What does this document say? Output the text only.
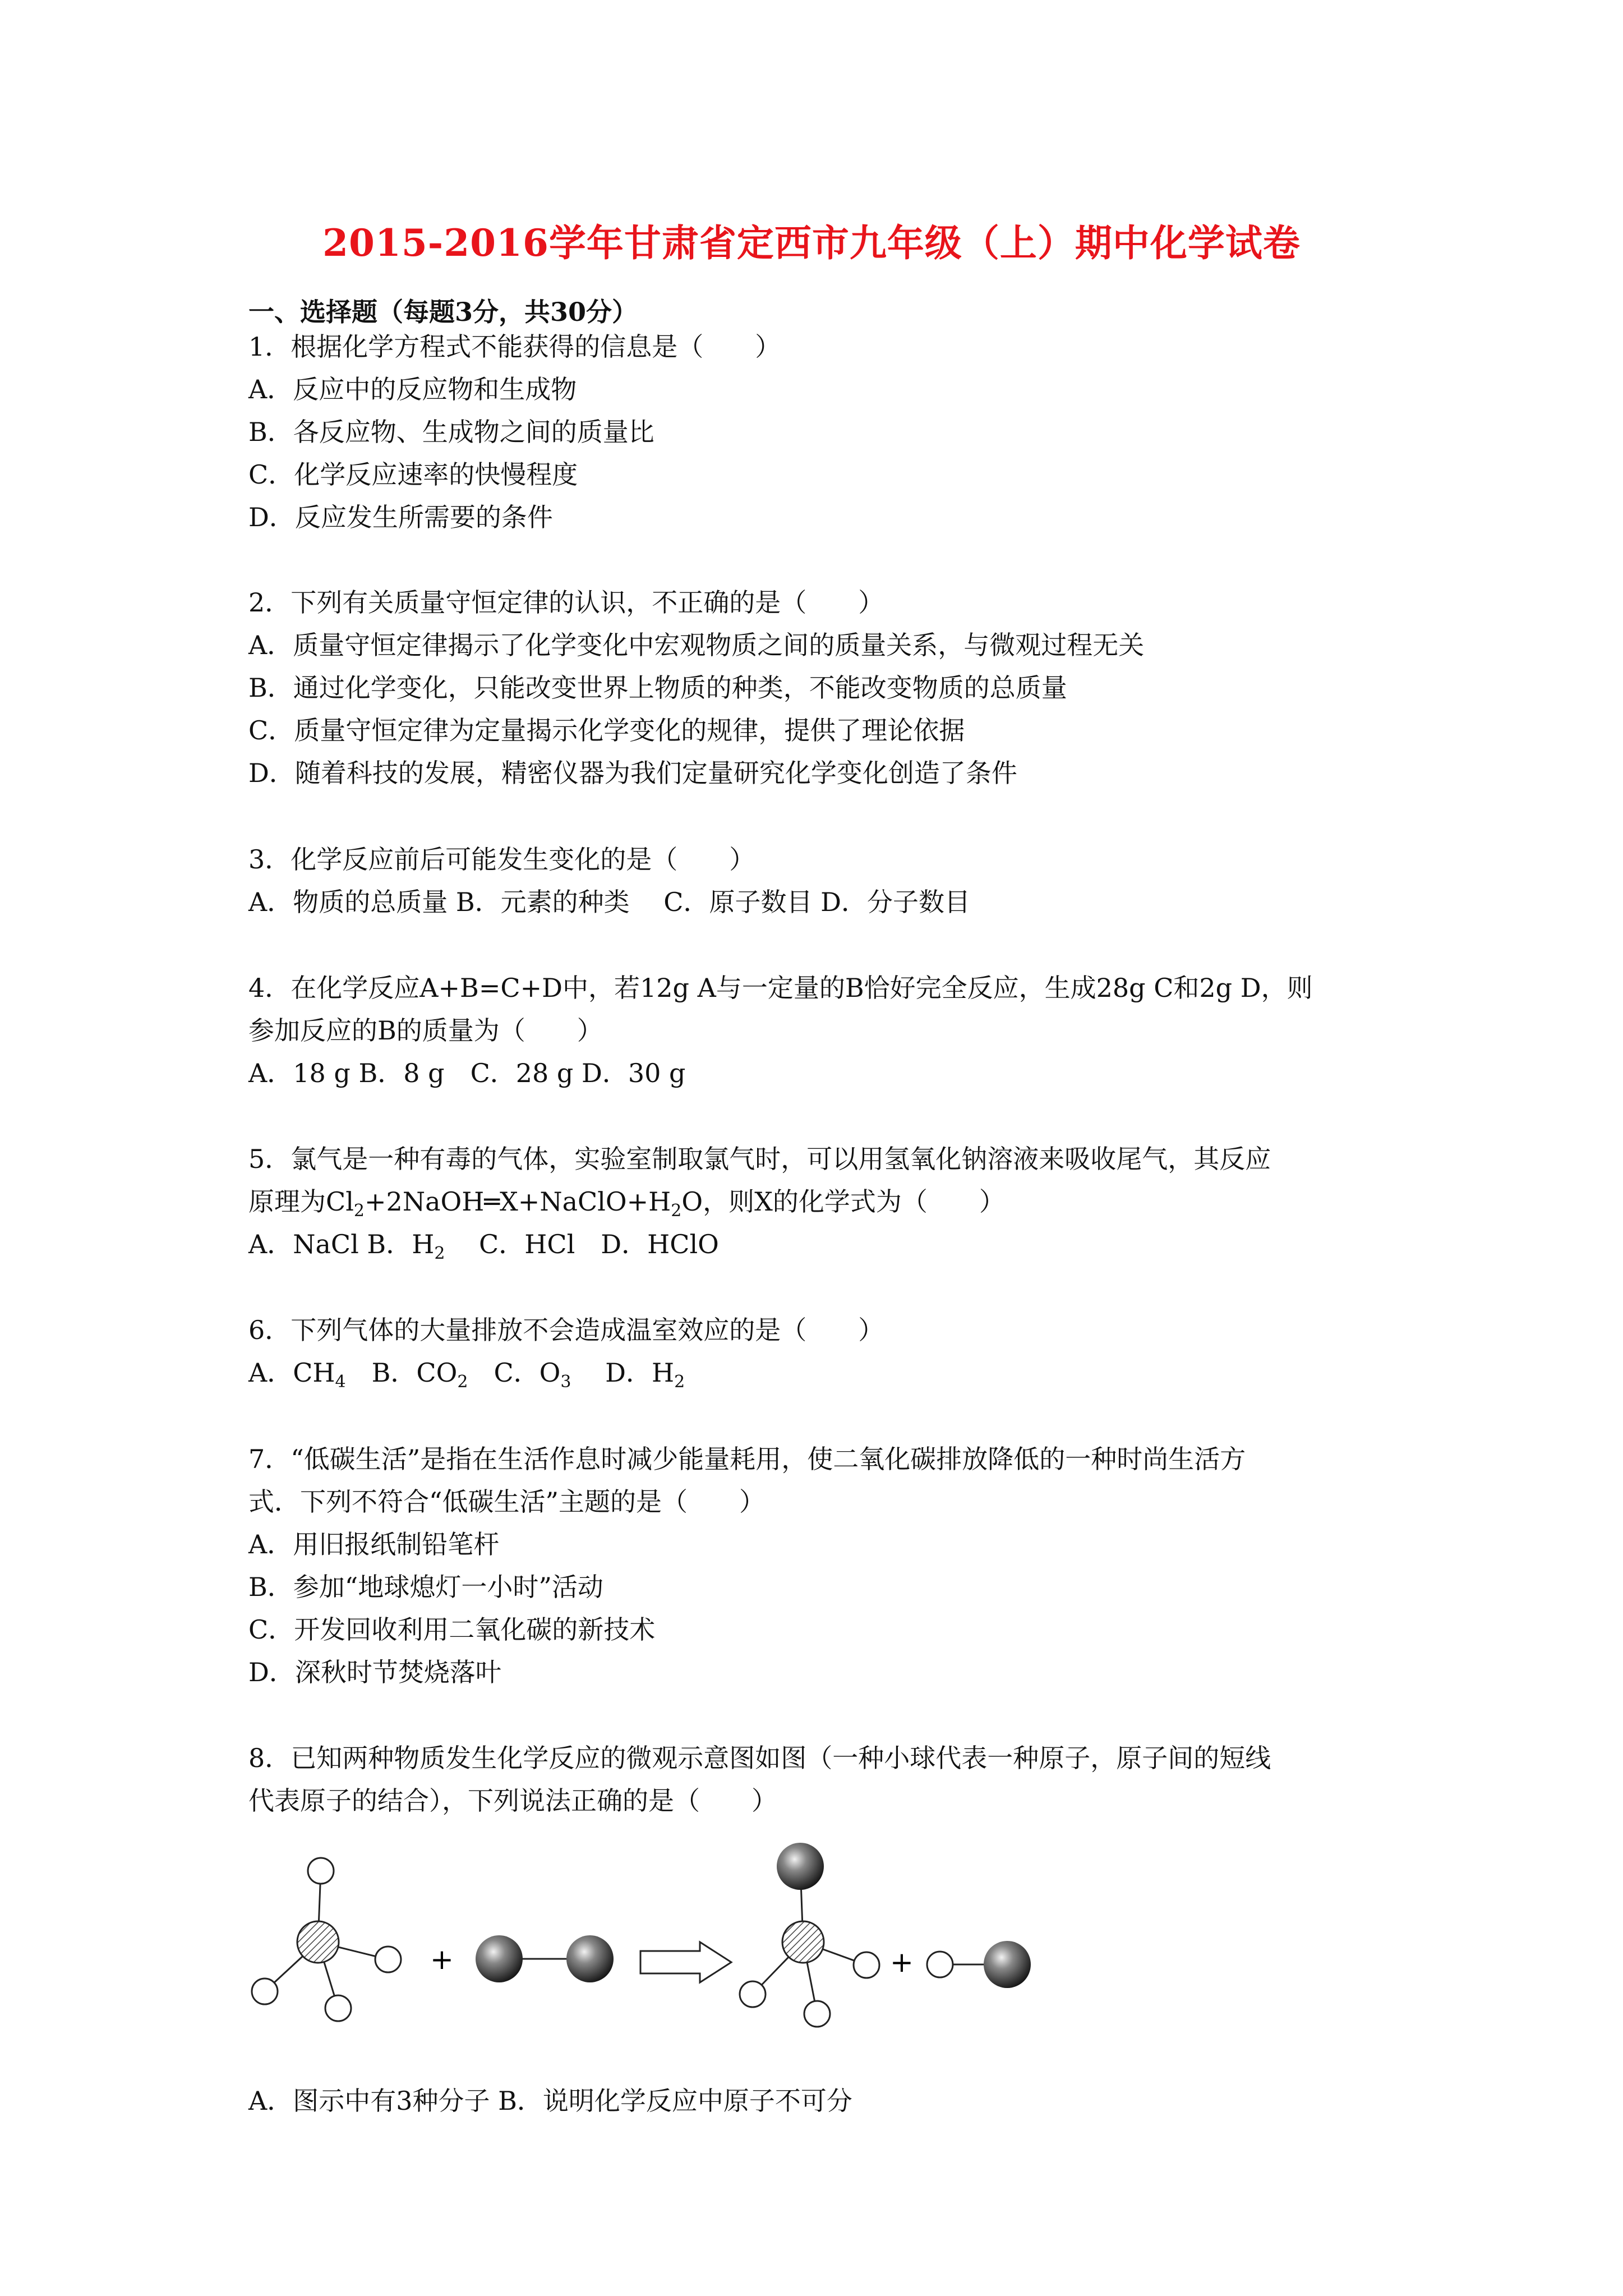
2015-2016学年甘肃省定西市九年级（上）期中化学试卷
一、选择题（每题3分，共30分）
1．根据化学方程式不能获得的信息是（　　）
A．反应中的反应物和生成物
B．各反应物、生成物之间的质量比
C．化学反应速率的快慢程度
D．反应发生所需要的条件
2．下列有关质量守恒定律的认识，不正确的是（　　）
A．质量守恒定律揭示了化学变化中宏观物质之间的质量关系，与微观过程无关
B．通过化学变化，只能改变世界上物质的种类，不能改变物质的总质量
C．质量守恒定律为定量揭示化学变化的规律，提供了理论依据
D．随着科技的发展，精密仪器为我们定量研究化学变化创造了条件
3．化学反应前后可能发生变化的是（　　）
A．物质的总质量 B．元素的种类　 C．原子数目 D．分子数目
4．在化学反应A+B=C+D中，若12g A与一定量的B恰好完全反应，生成28g C和2g D，则
参加反应的B的质量为（　　）
A．18 g B．8 g　C．28 g D．30 g
5．氯气是一种有毒的气体，实验室制取氯气时，可以用氢氧化钠溶液来吸收尾气，其反应
原理为$Cl_2+2NaOH═X+NaClO+H_2O$，则X的化学式为（　　）
A．NaCl B．$H_2$　 C．HCl　D．HClO
6．下列气体的大量排放不会造成温室效应的是（　　）
A．$CH_4$　B．$CO_2$　C．$O_3$　 D．$H_2$
7．“低碳生活”是指在生活作息时减少能量耗用，使二氧化碳排放降低的一种时尚生活方
式．下列不符合“低碳生活”主题的是（　　）
A．用旧报纸制铅笔杆
B．参加“地球熄灯一小时”活动
C．开发回收利用二氧化碳的新技术
D．深秋时节焚烧落叶
8．已知两种物质发生化学反应的微观示意图如图（一种小球代表一种原子，原子间的短线
代表原子的结合），下列说法正确的是（　　）
+	+
A．图示中有3种分子 B．说明化学反应中原子不可分
